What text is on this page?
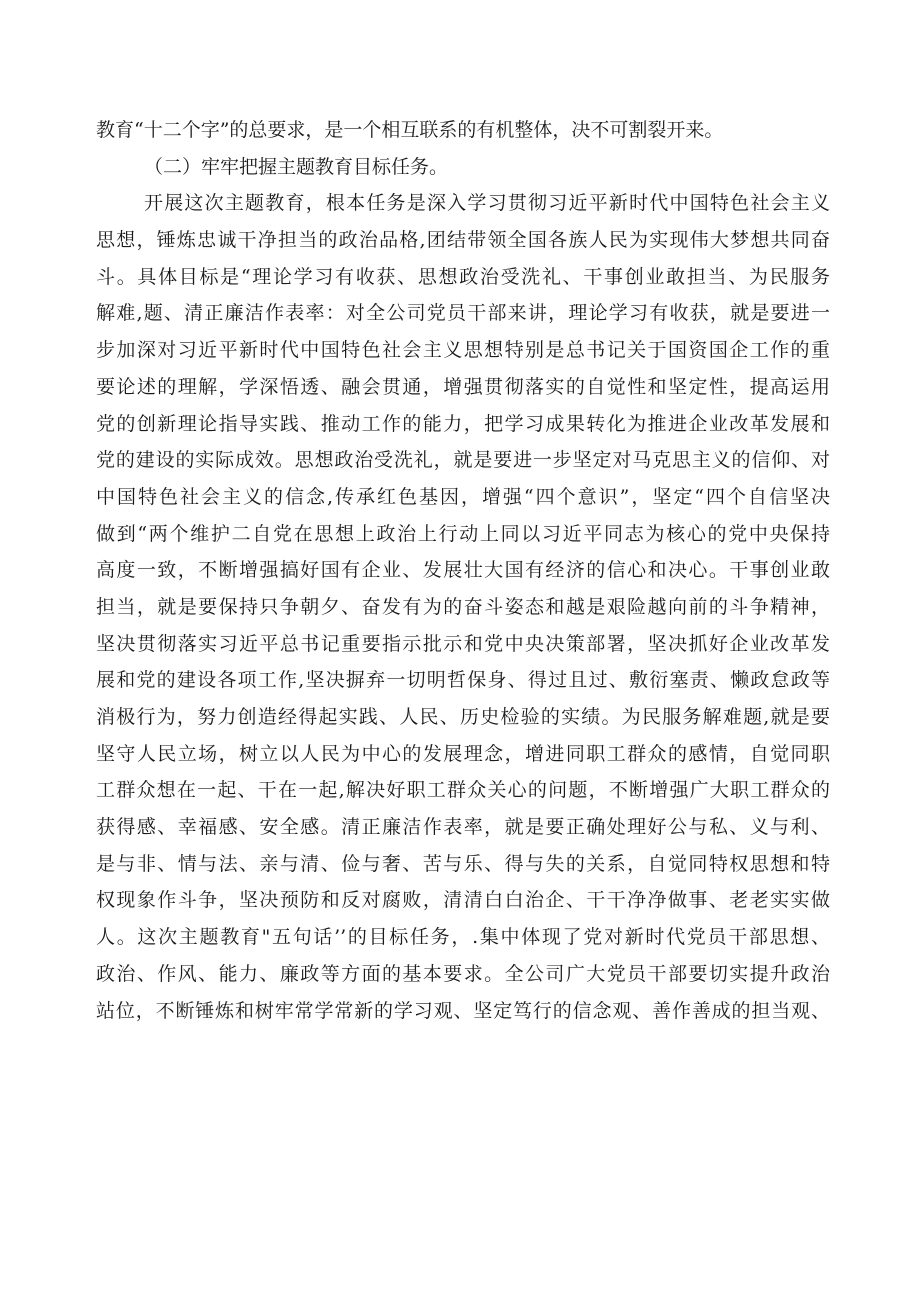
教育“十二个字”的总要求，是一个相互联系的有机整体，决不可割裂开来。
（二）牢牢把握主题教育目标任务。
开展这次主题教育，根本任务是深入学习贯彻习近平新时代中国特色社会主义
思想，锤炼忠诚干净担当的政治品格,团结带领全国各族人民为实现伟大梦想共同奋
斗。具体目标是“理论学习有收获、思想政治受洗礼、干事创业敢担当、为民服务
解难,题、清正廉洁作表率：对全公司党员干部来讲，理论学习有收获，就是要进一
步加深对习近平新时代中国特色社会主义思想特别是总书记关于国资国企工作的重
要论述的理解，学深悟透、融会贯通，增强贯彻落实的自觉性和坚定性，提高运用
党的创新理论指导实践、推动工作的能力，把学习成果转化为推进企业改革发展和
党的建设的实际成效。思想政治受洗礼，就是要进一步坚定对马克思主义的信仰、对
中国特色社会主义的信念,传承红色基因，增强“四个意识”，坚定“四个自信坚决
做到“两个维护二自党在思想上政治上行动上同以习近平同志为核心的党中央保持
高度一致，不断增强搞好国有企业、发展壮大国有经济的信心和决心。干事创业敢
担当，就是要保持只争朝夕、奋发有为的奋斗姿态和越是艰险越向前的斗争精神，
坚决贯彻落实习近平总书记重要指示批示和党中央决策部署，坚决抓好企业改革发
展和党的建设各项工作,坚决摒弃一切明哲保身、得过且过、敷衍塞责、懒政怠政等
消极行为，努力创造经得起实践、人民、历史检验的实绩。为民服务解难题,就是要
坚守人民立场，树立以人民为中心的发展理念，增进同职工群众的感情，自觉同职
工群众想在一起、干在一起,解决好职工群众关心的问题，不断增强广大职工群众的
获得感、幸福感、安全感。清正廉洁作表率，就是要正确处理好公与私、义与利、
是与非、情与法、亲与清、俭与奢、苦与乐、得与失的关系，自觉同特权思想和特
权现象作斗争，坚决预防和反对腐败，清清白白治企、干干净净做事、老老实实做
人。这次主题教育"五句话’’的目标任务，.集中体现了党对新时代党员干部思想、
政治、作风、能力、廉政等方面的基本要求。全公司广大党员干部要切实提升政治
站位，不断锤炼和树牢常学常新的学习观、坚定笃行的信念观、善作善成的担当观、
